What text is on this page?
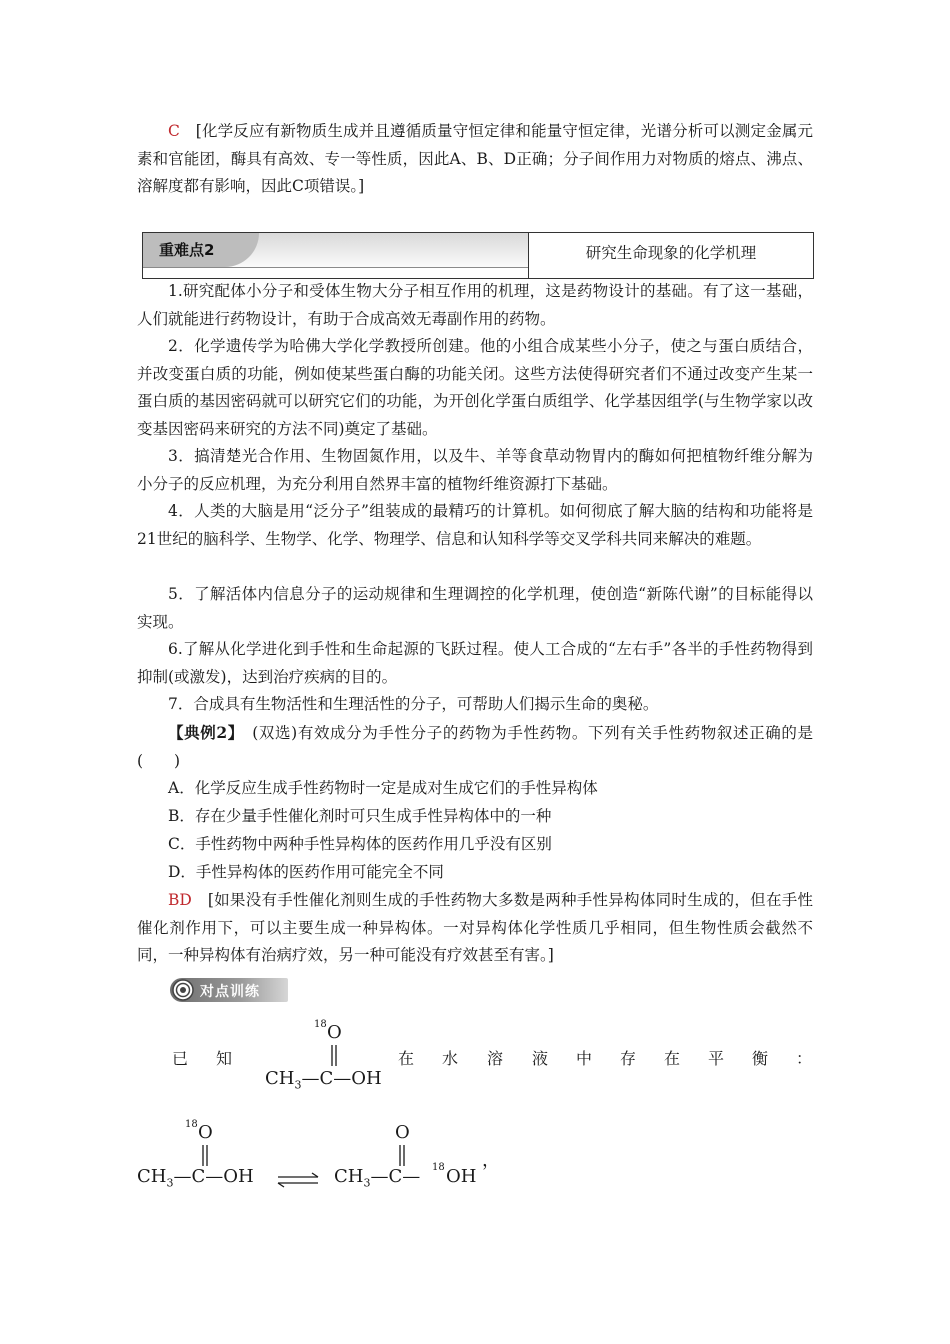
C　 [化学反应有新物质生成并且遵循质量守恒定律和能量守恒定律，光谱分析可以测定金属元素和官能团，酶具有高效、专一等性质，因此A、B、D正确；分子间作用力对物质的熔点、沸点、溶解度都有影响，因此C项错误。]

重难点2	研究生命现象的化学机理

1.研究配体小分子和受体生物大分子相互作用的机理，这是药物设计的基础。有了这一基础，人们就能进行药物设计，有助于合成高效无毒副作用的药物。

2．化学遗传学为哈佛大学化学教授所创建。他的小组合成某些小分子，使之与蛋白质结合，并改变蛋白质的功能，例如使某些蛋白酶的功能关闭。这些方法使得研究者们不通过改变产生某一蛋白质的基因密码就可以研究它们的功能，为开创化学蛋白质组学、化学基因组学(与生物学家以改变基因密码来研究的方法不同)奠定了基础。

3．搞清楚光合作用、生物固氮作用，以及牛、羊等食草动物胃内的酶如何把植物纤维分解为小分子的反应机理，为充分利用自然界丰富的植物纤维资源打下基础。

4．人类的大脑是用“泛分子”组装成的最精巧的计算机。如何彻底了解大脑的结构和功能将是21世纪的脑科学、生物学、化学、物理学、信息和认知科学等交叉学科共同来解决的难题。

5．了解活体内信息分子的运动规律和生理调控的化学机理，使创造“新陈代谢”的目标能得以实现。

6.了解从化学进化到手性和生命起源的飞跃过程。使人工合成的“左右手”各半的手性药物得到抑制(或激发)，达到治疗疾病的目的。

7．合成具有生物活性和生理活性的分子，可帮助人们揭示生命的奥秘。

【典例2】　(双选)有效成分为手性分子的药物为手性药物。下列有关手性药物叙述正确的是(　　)

A．化学反应生成手性药物时一定是成对生成它们的手性异构体

B．存在少量手性催化剂时可只生成手性异构体中的一种

C．手性药物中两种手性异构体的医药作用几乎没有区别

D．手性异构体的医药作用可能完全不同

BD　 [如果没有手性催化剂则生成的手性药物大多数是两种手性异构体同时生成的，但在手性催化剂作用下，可以主要生成一种异构体。一对异构体化学性质几乎相同，但生物性质会截然不同，一种异构体有治病疗效，另一种可能没有疗效甚至有害。]

对点训练
已 知
18 O
$CH_3—C—OH$
在 水 溶 液 中 存 在 平 衡 ：
18 O
$CH_3—C—OH$ ⇌
O
$CH_3—C—$ 18 OH
，
